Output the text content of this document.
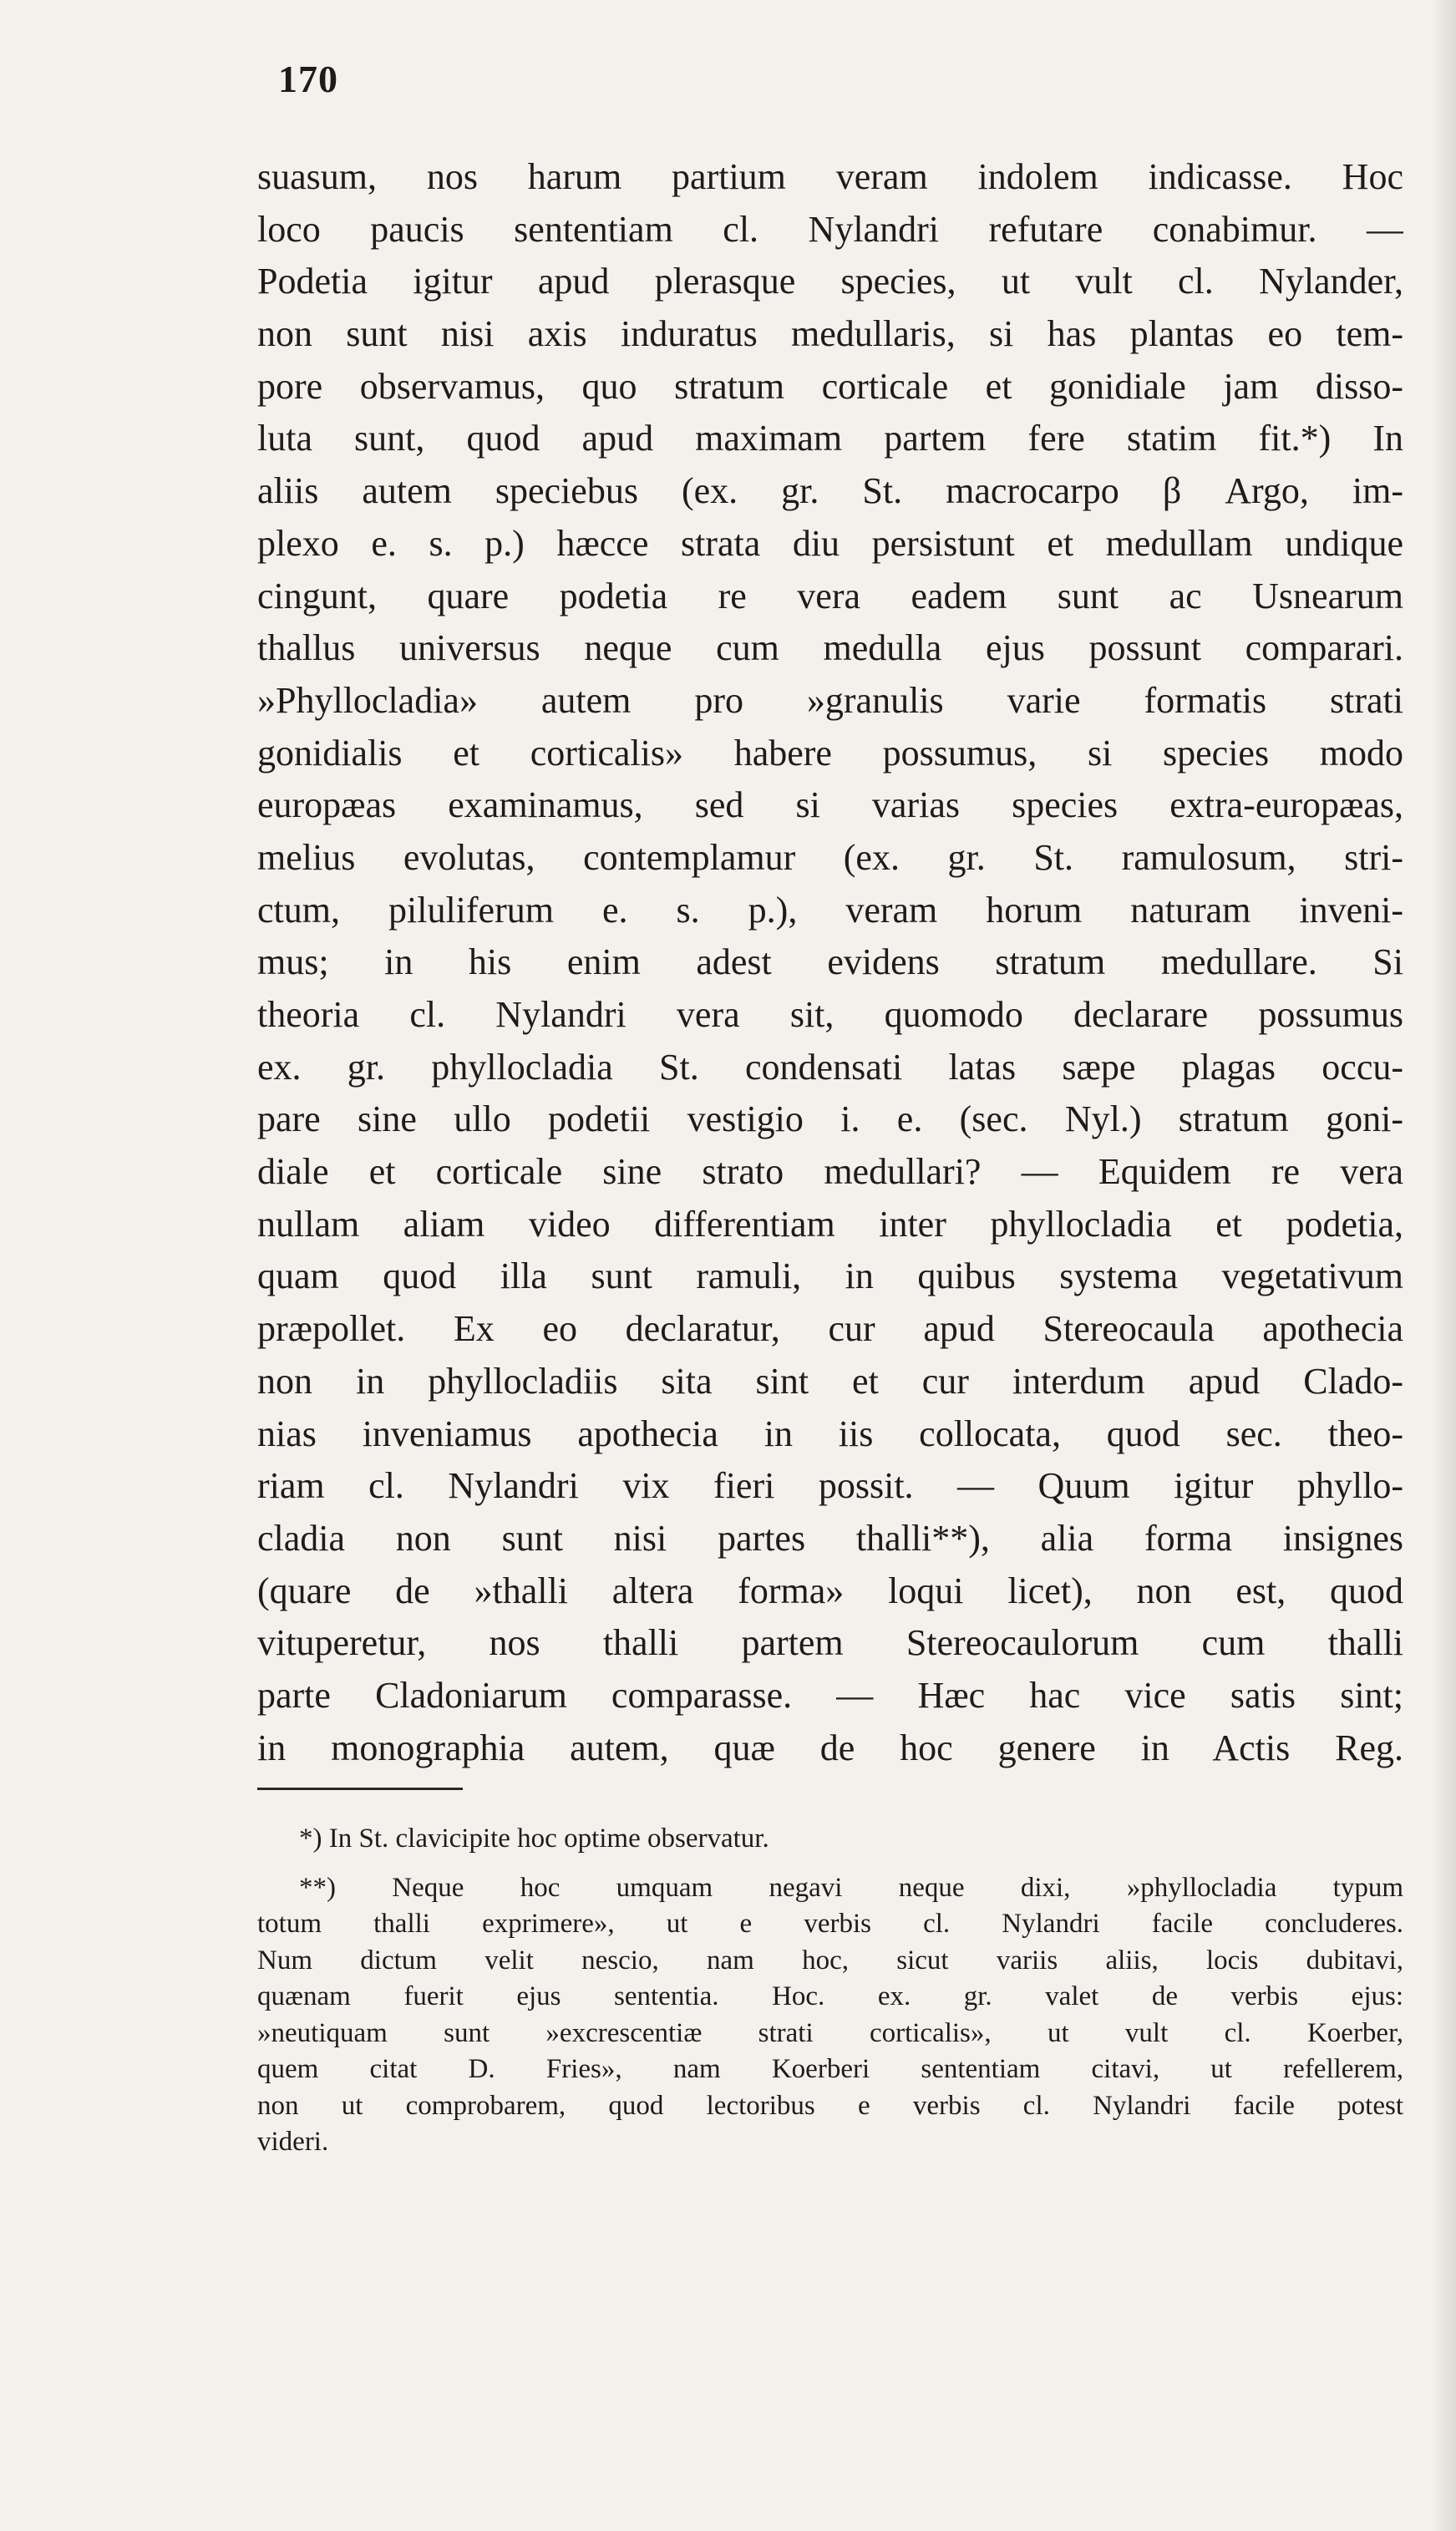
170
suasum, nos harum partium veram indolem indicasse. Hoc
loco paucis sententiam cl. Nylandri refutare conabimur. —
Podetia igitur apud plerasque species, ut vult cl. Nylander,
non sunt nisi axis induratus medullaris, si has plantas eo tem-
pore observamus, quo stratum corticale et gonidiale jam disso-
luta sunt, quod apud maximam partem fere statim fit.*) In
aliis autem speciebus (ex. gr. St. macrocarpo β Argo, im-
plexo e. s. p.) hæcce strata diu persistunt et medullam undique
cingunt, quare podetia re vera eadem sunt ac Usnearum
thallus universus neque cum medulla ejus possunt comparari.
»Phyllocladia» autem pro »granulis varie formatis strati
gonidialis et corticalis» habere possumus, si species modo
europæas examinamus, sed si varias species extra-europæas,
melius evolutas, contemplamur (ex. gr. St. ramulosum, stri-
ctum, piluliferum e. s. p.), veram horum naturam inveni-
mus; in his enim adest evidens stratum medullare. Si
theoria cl. Nylandri vera sit, quomodo declarare possumus
ex. gr. phyllocladia St. condensati latas sæpe plagas occu-
pare sine ullo podetii vestigio i. e. (sec. Nyl.) stratum goni-
diale et corticale sine strato medullari? — Equidem re vera
nullam aliam video differentiam inter phyllocladia et podetia,
quam quod illa sunt ramuli, in quibus systema vegetativum
præpollet. Ex eo declaratur, cur apud Stereocaula apothecia
non in phyllocladiis sita sint et cur interdum apud Clado-
nias inveniamus apothecia in iis collocata, quod sec. theo-
riam cl. Nylandri vix fieri possit. — Quum igitur phyllo-
cladia non sunt nisi partes thalli**), alia forma insignes
(quare de »thalli altera forma» loqui licet), non est, quod
vituperetur, nos thalli partem Stereocaulorum cum thalli
parte Cladoniarum comparasse. — Hæc hac vice satis sint;
in monographia autem, quæ de hoc genere in Actis Reg.
*) In St. clavicipite hoc optime observatur.
**) Neque hoc umquam negavi neque dixi, »phyllocladia typum
totum thalli exprimere», ut e verbis cl. Nylandri facile concluderes.
Num dictum velit nescio, nam hoc, sicut variis aliis, locis dubitavi,
quænam fuerit ejus sententia. Hoc. ex. gr. valet de verbis ejus:
»neutiquam sunt »excrescentiæ strati corticalis», ut vult cl. Koerber,
quem citat D. Fries», nam Koerberi sententiam citavi, ut refellerem,
non ut comprobarem, quod lectoribus e verbis cl. Nylandri facile potest
videri.
